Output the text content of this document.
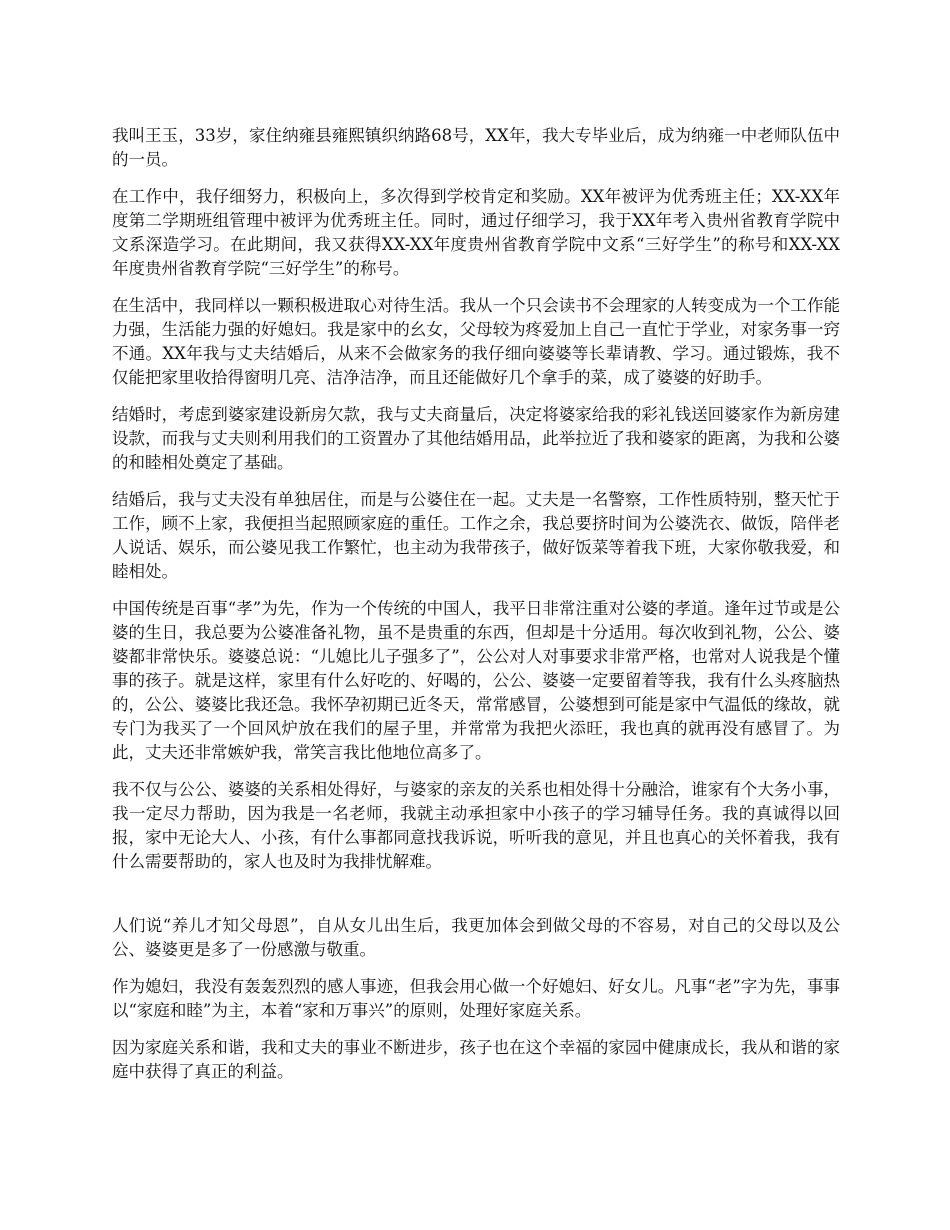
我叫王玉，33岁，家住纳雍县雍熙镇织纳路68号，XX年，我大专毕业后，成为纳雍一中老师队伍中的一员。

在工作中，我仔细努力，积极向上，多次得到学校肯定和奖励。XX年被评为优秀班主任；XX-XX年度第二学期班组管理中被评为优秀班主任。同时，通过仔细学习，我于XX年考入贵州省教育学院中文系深造学习。在此期间，我又获得XX-XX年度贵州省教育学院中文系“三好学生”的称号和XX-XX年度贵州省教育学院“三好学生”的称号。

在生活中，我同样以一颗积极进取心对待生活。我从一个只会读书不会理家的人转变成为一个工作能力强，生活能力强的好媳妇。我是家中的幺女，父母较为疼爱加上自己一直忙于学业，对家务事一窍不通。XX年我与丈夫结婚后，从来不会做家务的我仔细向婆婆等长辈请教、学习。通过锻炼，我不仅能把家里收拾得窗明几亮、洁净洁净，而且还能做好几个拿手的菜，成了婆婆的好助手。

结婚时，考虑到婆家建设新房欠款，我与丈夫商量后，决定将婆家给我的彩礼钱送回婆家作为新房建设款，而我与丈夫则利用我们的工资置办了其他结婚用品，此举拉近了我和婆家的距离，为我和公婆的和睦相处奠定了基础。

结婚后，我与丈夫没有单独居住，而是与公婆住在一起。丈夫是一名警察，工作性质特别，整天忙于工作，顾不上家，我便担当起照顾家庭的重任。工作之余，我总要挤时间为公婆洗衣、做饭，陪伴老人说话、娱乐，而公婆见我工作繁忙，也主动为我带孩子，做好饭菜等着我下班，大家你敬我爱，和睦相处。

中国传统是百事“孝”为先，作为一个传统的中国人，我平日非常注重对公婆的孝道。逢年过节或是公婆的生日，我总要为公婆准备礼物，虽不是贵重的东西，但却是十分适用。每次收到礼物，公公、婆婆都非常快乐。婆婆总说：“儿媳比儿子强多了”，公公对人对事要求非常严格，也常对人说我是个懂事的孩子。就是这样，家里有什么好吃的、好喝的，公公、婆婆一定要留着等我，我有什么头疼脑热的，公公、婆婆比我还急。我怀孕初期已近冬天，常常感冒，公婆想到可能是家中气温低的缘故，就专门为我买了一个回风炉放在我们的屋子里，并常常为我把火添旺，我也真的就再没有感冒了。为此，丈夫还非常嫉妒我，常笑言我比他地位高多了。

我不仅与公公、婆婆的关系相处得好，与婆家的亲友的关系也相处得十分融洽，谁家有个大务小事，我一定尽力帮助，因为我是一名老师，我就主动承担家中小孩子的学习辅导任务。我的真诚得以回报，家中无论大人、小孩，有什么事都同意找我诉说，听听我的意见，并且也真心的关怀着我，我有什么需要帮助的，家人也及时为我排忧解难。

人们说“养儿才知父母恩”，自从女儿出生后，我更加体会到做父母的不容易，对自己的父母以及公公、婆婆更是多了一份感激与敬重。

作为媳妇，我没有轰轰烈烈的感人事迹，但我会用心做一个好媳妇、好女儿。凡事“老”字为先，事事以“家庭和睦”为主，本着“家和万事兴”的原则，处理好家庭关系。

因为家庭关系和谐，我和丈夫的事业不断进步，孩子也在这个幸福的家园中健康成长，我从和谐的家庭中获得了真正的利益。
